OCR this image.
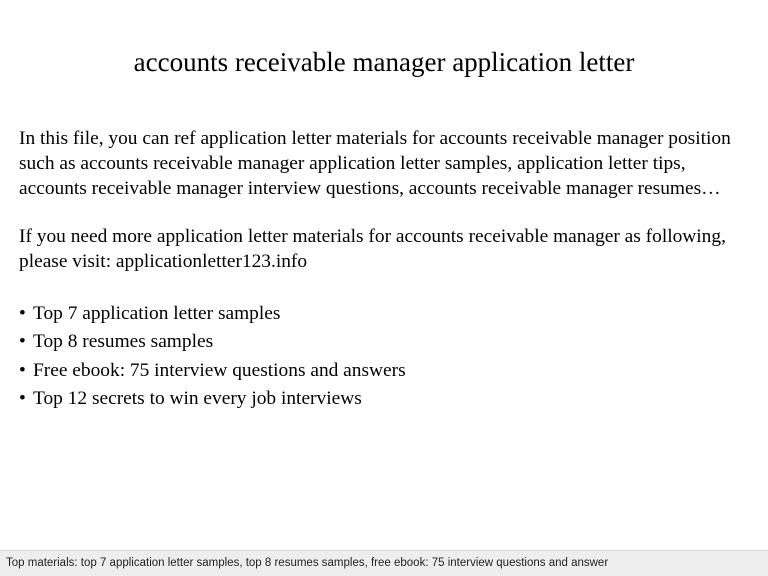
accounts receivable manager application letter

In this file, you can ref application letter materials for accounts receivable manager position such as accounts receivable manager application letter samples, application letter tips, accounts receivable manager interview questions, accounts receivable manager resumes…

If you need more application letter materials for accounts receivable manager as following, please visit: applicationletter123.info

• Top 7 application letter samples
• Top 8 resumes samples
• Free ebook: 75 interview questions and answers
• Top 12 secrets to win every job interviews
Top materials: top 7 application letter samples, top 8 resumes samples, free ebook: 75 interview questions and answer
